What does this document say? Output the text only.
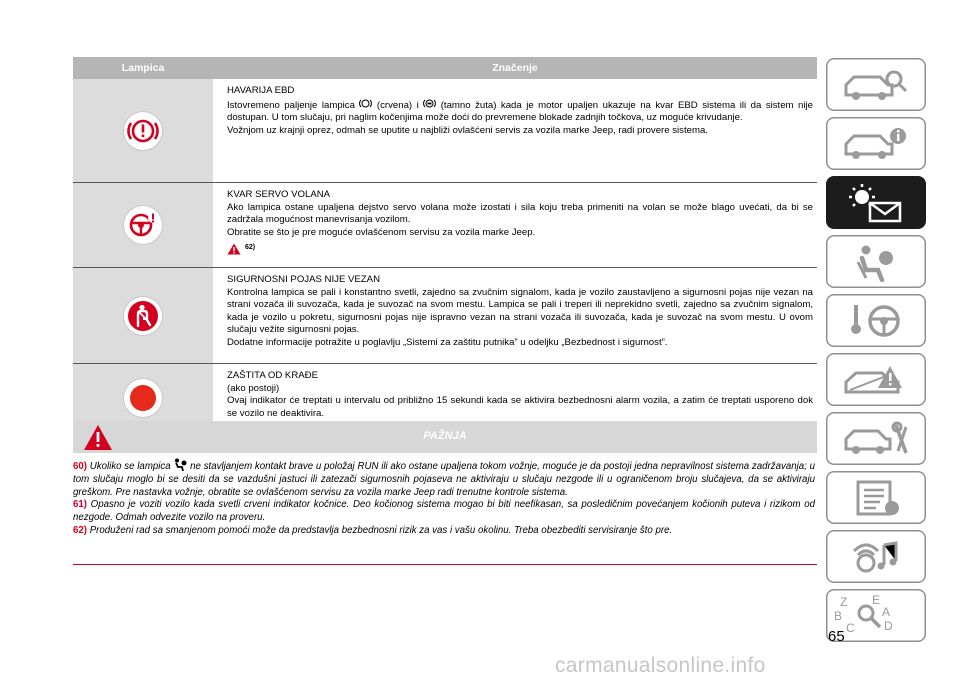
Lampica	Značenje
HAVARIJA EBD
Istovremeno paljenje lampica  (crvena) i  (tamno žuta) kada je motor upaljen ukazuje na kvar EBD sistema ili da sistem nije dostupan. U tom slučaju, pri naglim kočenjima može doći do prevremene blokade zadnjih točkova, uz moguće krivudanje.
Vožnjom uz krajnji oprez, odmah se uputite u najbliži ovlašćeni servis za vozila marke Jeep, radi provere sistema.
KVAR SERVO VOLANA
Ako lampica ostane upaljena dejstvo servo volana može izostati i sila koju treba primeniti na volan se može blago uvećati, da bi se zadržala mogućnost manevrisanja vozilom.
Obratite se što je pre moguće ovlašćenom servisu za vozila marke Jeep.
62)
SIGURNOSNI POJAS NIJE VEZAN
Kontrolna lampica se pali i konstantno svetli, zajedno sa zvučnim signalom, kada je vozilo zaustavljeno a sigurnosni pojas nije vezan na strani vozača ili suvozača, kada je suvozač na svom mestu. Lampica se pali i treperi ili neprekidno svetli, zajedno sa zvučnim signalom, kada je vozilo u pokretu, sigurnosni pojas nije ispravno vezan na strani vozača ili suvozača, kada je suvozač na svom mestu. U ovom slučaju vežite sigurnosni pojas.
Dodatne informacije potražite u poglavlju „Sistemi za zaštitu putnika” u odeljku „Bezbednost i sigurnost”.
ZAŠTITA OD KRAĐE
(ako postoji)
Ovaj indikator će treptati u intervalu od približno 15 sekundi kada se aktivira bezbednosni alarm vozila, a zatim će treptati usporeno dok se vozilo ne deaktivira.
PAŽNJA

60) Ukoliko se lampica  ne stavljanjem kontakt brave u položaj RUN ili ako ostane upaljena tokom vožnje, moguće je da postoji jedna nepravilnost sistema zadržavanja; u tom slučaju moglo bi se desiti da se vazdušni jastuci ili zatezači sigurnosnih pojaseva ne aktiviraju u slučaju nezgode ili u ograničenom broju slučajeva, da se aktiviraju greškom. Pre nastavka vožnje, obratite se ovlašćenom servisu za vozila marke Jeep radi trenutne kontrole sistema.

61) Opasno je voziti vozilo kada svetli crveni indikator kočnice. Deo kočionog sistema mogao bi biti neefikasan, sa posledičnim povećanjem kočionih puteva i rizikom od nezgode. Odmah odvezite vozilo na proveru.

62) Produženi rad sa smanjenom pomoći može da predstavlja bezbednosni rizik za vas i vašu okolinu. Treba obezbediti servisiranje što pre.

Z E
B	A
C D
65
carmanualsonline.info
